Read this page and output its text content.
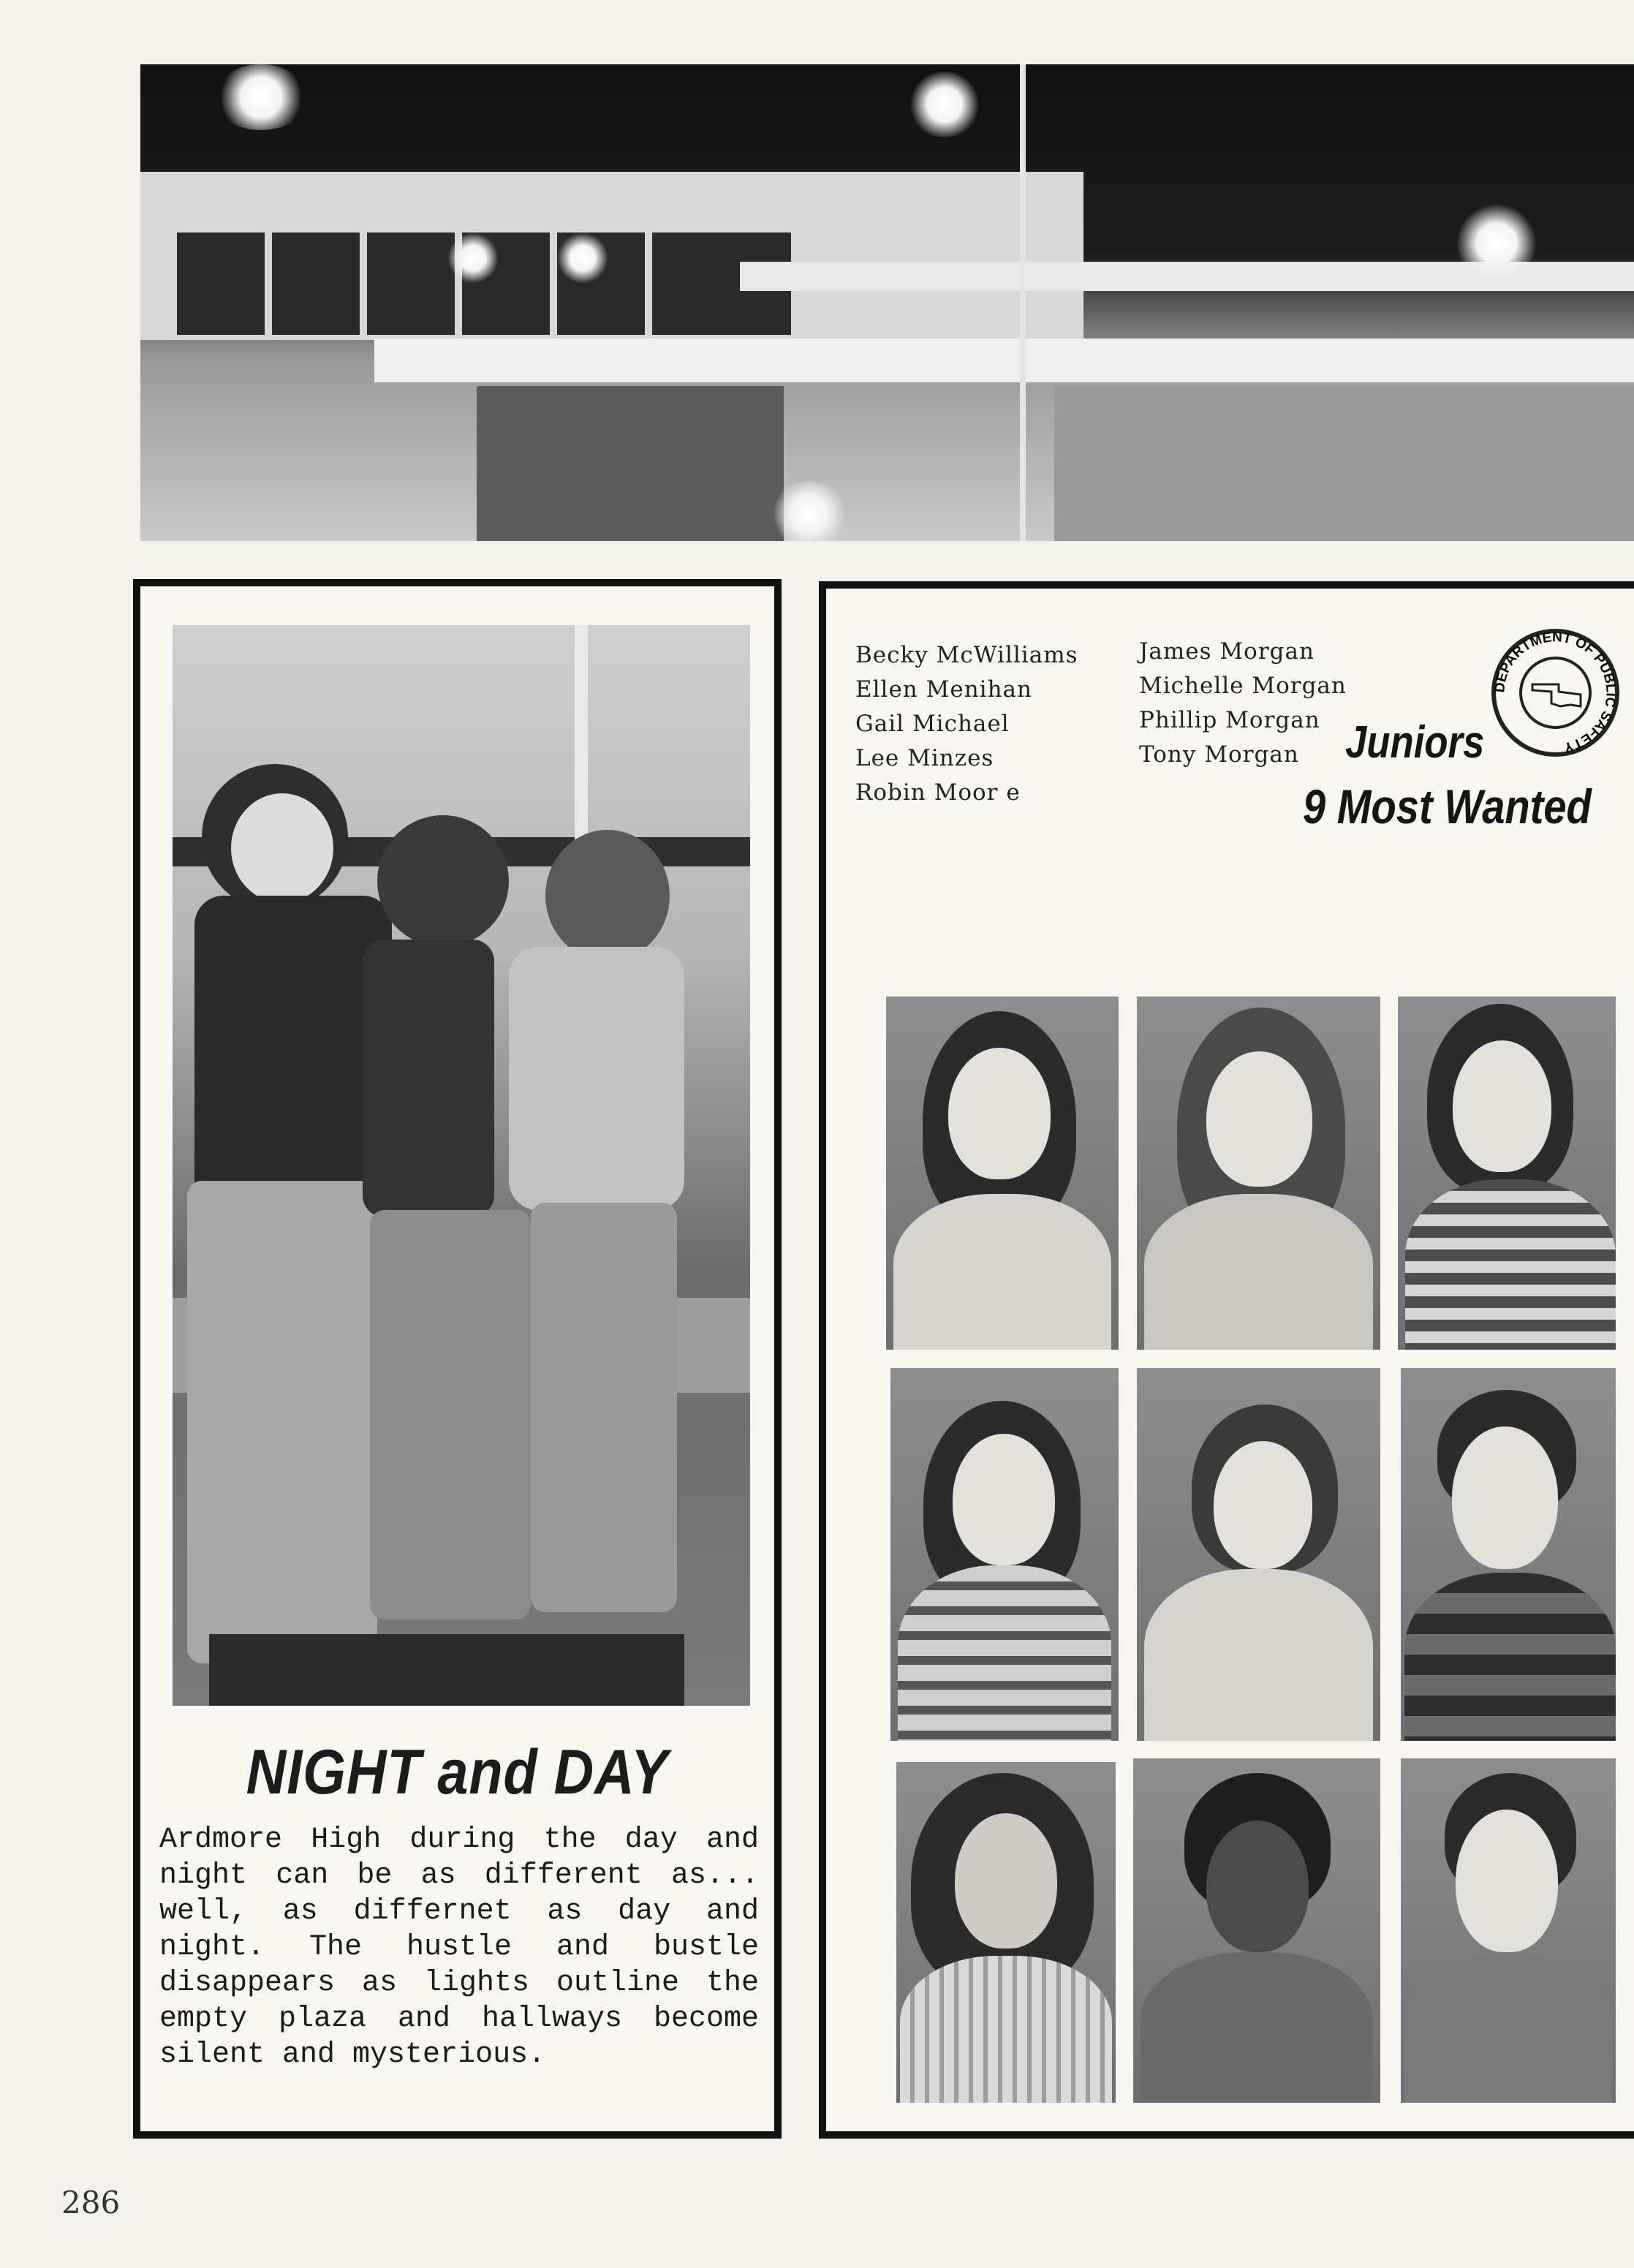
NIGHT and DAY
Ardmore High during the day and night can be as different as... well, as differnet as day and night. The hustle and bustle disappears as lights outline the empty plaza and hallways become silent and mysterious.
Becky McWilliams
Ellen Menihan
Gail Michael
Lee Minzes
Robin Moor e
James Morgan
Michelle Morgan
Phillip Morgan
Tony Morgan
DEPARTMENT OF PUBLIC SAFETY
Juniors
9 Most Wanted
286
